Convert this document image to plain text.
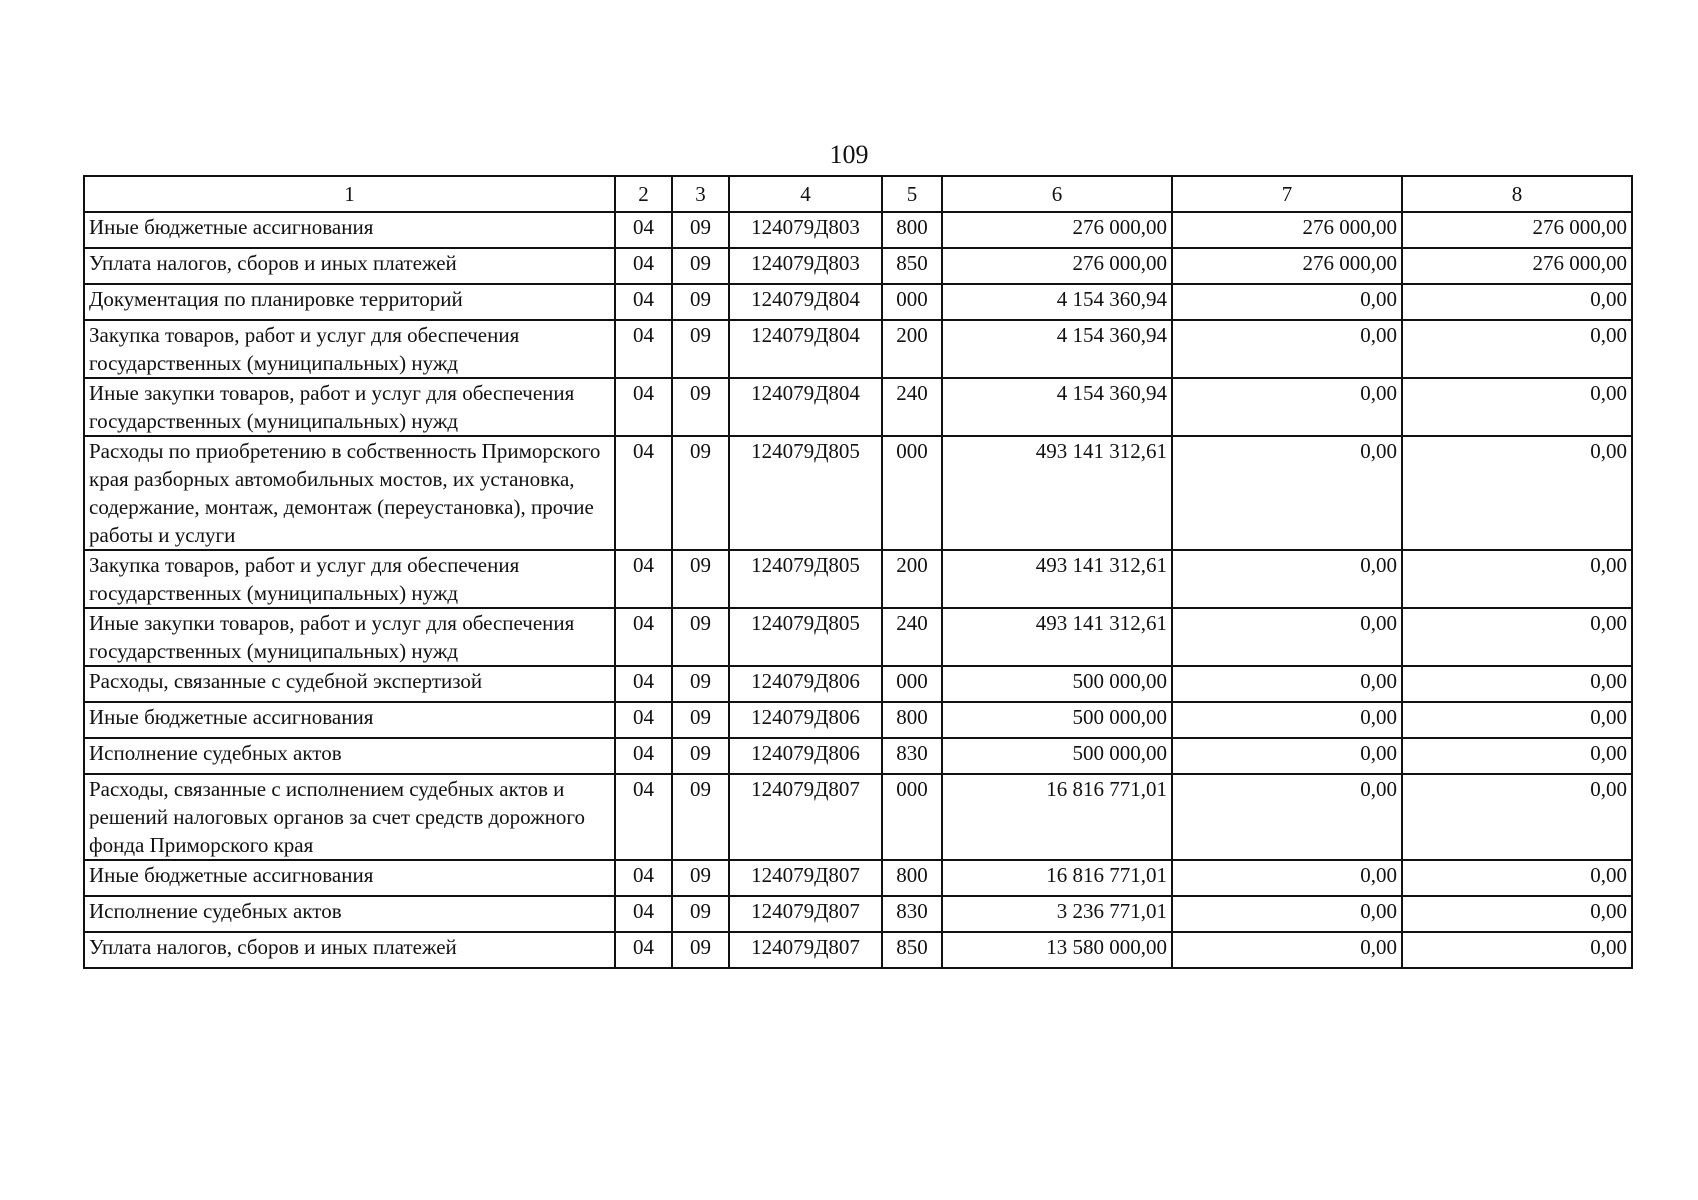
109
1	2	3	4	5	6	7	8
Иные бюджетные ассигнования	04	09	124079Д803	800	276 000,00	276 000,00	276 000,00
Уплата налогов, сборов и иных платежей	04	09	124079Д803	850	276 000,00	276 000,00	276 000,00
Документация по планировке территорий	04	09	124079Д804	000	4 154 360,94	0,00	0,00
Закупка товаров, работ и услуг для обеспечения государственных (муниципальных) нужд	04	09	124079Д804	200	4 154 360,94	0,00	0,00
Иные закупки товаров, работ и услуг для обеспечения государственных (муниципальных) нужд	04	09	124079Д804	240	4 154 360,94	0,00	0,00
Расходы по приобретению в собственность Приморского края разборных автомобильных мостов, их установка, содержание, монтаж, демонтаж (переустановка), прочие работы и услуги	04	09	124079Д805	000	493 141 312,61	0,00	0,00
Закупка товаров, работ и услуг для обеспечения государственных (муниципальных) нужд	04	09	124079Д805	200	493 141 312,61	0,00	0,00
Иные закупки товаров, работ и услуг для обеспечения государственных (муниципальных) нужд	04	09	124079Д805	240	493 141 312,61	0,00	0,00
Расходы, связанные с судебной экспертизой	04	09	124079Д806	000	500 000,00	0,00	0,00
Иные бюджетные ассигнования	04	09	124079Д806	800	500 000,00	0,00	0,00
Исполнение судебных актов	04	09	124079Д806	830	500 000,00	0,00	0,00
Расходы, связанные с исполнением судебных актов и решений налоговых органов за счет средств дорожного фонда Приморского края	04	09	124079Д807	000	16 816 771,01	0,00	0,00
Иные бюджетные ассигнования	04	09	124079Д807	800	16 816 771,01	0,00	0,00
Исполнение судебных актов	04	09	124079Д807	830	3 236 771,01	0,00	0,00
Уплата налогов, сборов и иных платежей	04	09	124079Д807	850	13 580 000,00	0,00	0,00
